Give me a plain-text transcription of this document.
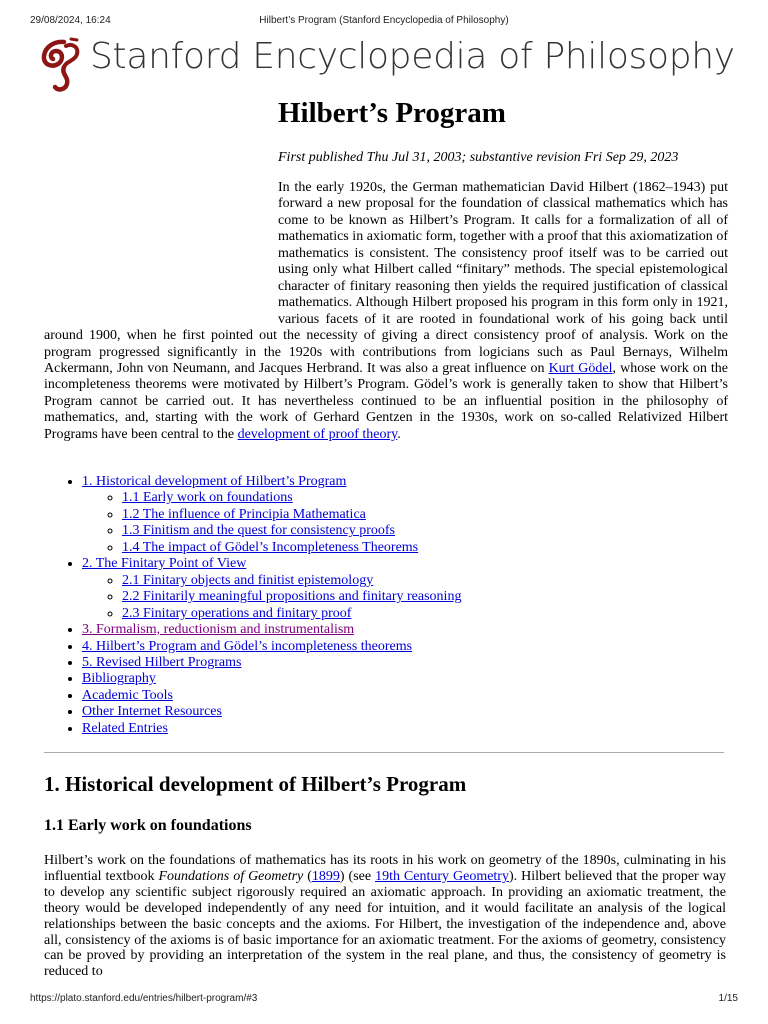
29/08/2024, 16:24	Hilbert’s Program (Stanford Encyclopedia of Philosophy)
Stanford Encyclopedia of Philosophy
Hilbert’s Program
First published Thu Jul 31, 2003; substantive revision Fri Sep 29, 2023

In the early 1920s, the German mathematician David Hilbert (1862–1943) put forward a new proposal for the foundation of classical mathematics which has come to be known as Hilbert’s Program. It calls for a formalization of all of mathematics in axiomatic form, together with a proof that this axiomatization of mathematics is consistent. The consistency proof itself was to be carried out using only what Hilbert called “finitary” methods. The special epistemological character of finitary reasoning then yields the required justification of classical mathematics. Although Hilbert proposed his program in this form only in 1921, various facets of it are rooted in foundational work of his going back until around 1900, when he first pointed out the necessity of giving a direct consistency proof of analysis. Work on the program progressed significantly in the 1920s with contributions from logicians such as Paul Bernays, Wilhelm Ackermann, John von Neumann, and Jacques Herbrand. It was also a great influence on Kurt Gödel, whose work on the incompleteness theorems were motivated by Hilbert’s Program. Gödel’s work is generally taken to show that Hilbert’s Program cannot be carried out. It has nevertheless continued to be an influential position in the philosophy of mathematics, and, starting with the work of Gerhard Gentzen in the 1930s, work on so-called Relativized Hilbert Programs have been central to the development of proof theory.

• 1. Historical development of Hilbert’s Program
◦ 1.1 Early work on foundations
◦ 1.2 The influence of Principia Mathematica
◦ 1.3 Finitism and the quest for consistency proofs
◦ 1.4 The impact of Gödel’s Incompleteness Theorems
• 2. The Finitary Point of View
◦ 2.1 Finitary objects and finitist epistemology
◦ 2.2 Finitarily meaningful propositions and finitary reasoning
◦ 2.3 Finitary operations and finitary proof
• 3. Formalism, reductionism and instrumentalism
• 4. Hilbert’s Program and Gödel’s incompleteness theorems
• 5. Revised Hilbert Programs
• Bibliography
• Academic Tools
• Other Internet Resources
• Related Entries
1. Historical development of Hilbert’s Program
1.1 Early work on foundations

Hilbert’s work on the foundations of mathematics has its roots in his work on geometry of the 1890s, culminating in his influential textbook Foundations of Geometry (1899) (see 19th Century Geometry). Hilbert believed that the proper way to develop any scientific subject rigorously required an axiomatic approach. In providing an axiomatic treatment, the theory would be developed independently of any need for intuition, and it would facilitate an analysis of the logical relationships between the basic concepts and the axioms. For Hilbert, the investigation of the independence and, above all, consistency of the axioms is of basic importance for an axiomatic treatment. For the axioms of geometry, consistency can be proved by providing an interpretation of the system in the real plane, and thus, the consistency of geometry is reduced to

https://plato.stanford.edu/entries/hilbert-program/#3	1/15
